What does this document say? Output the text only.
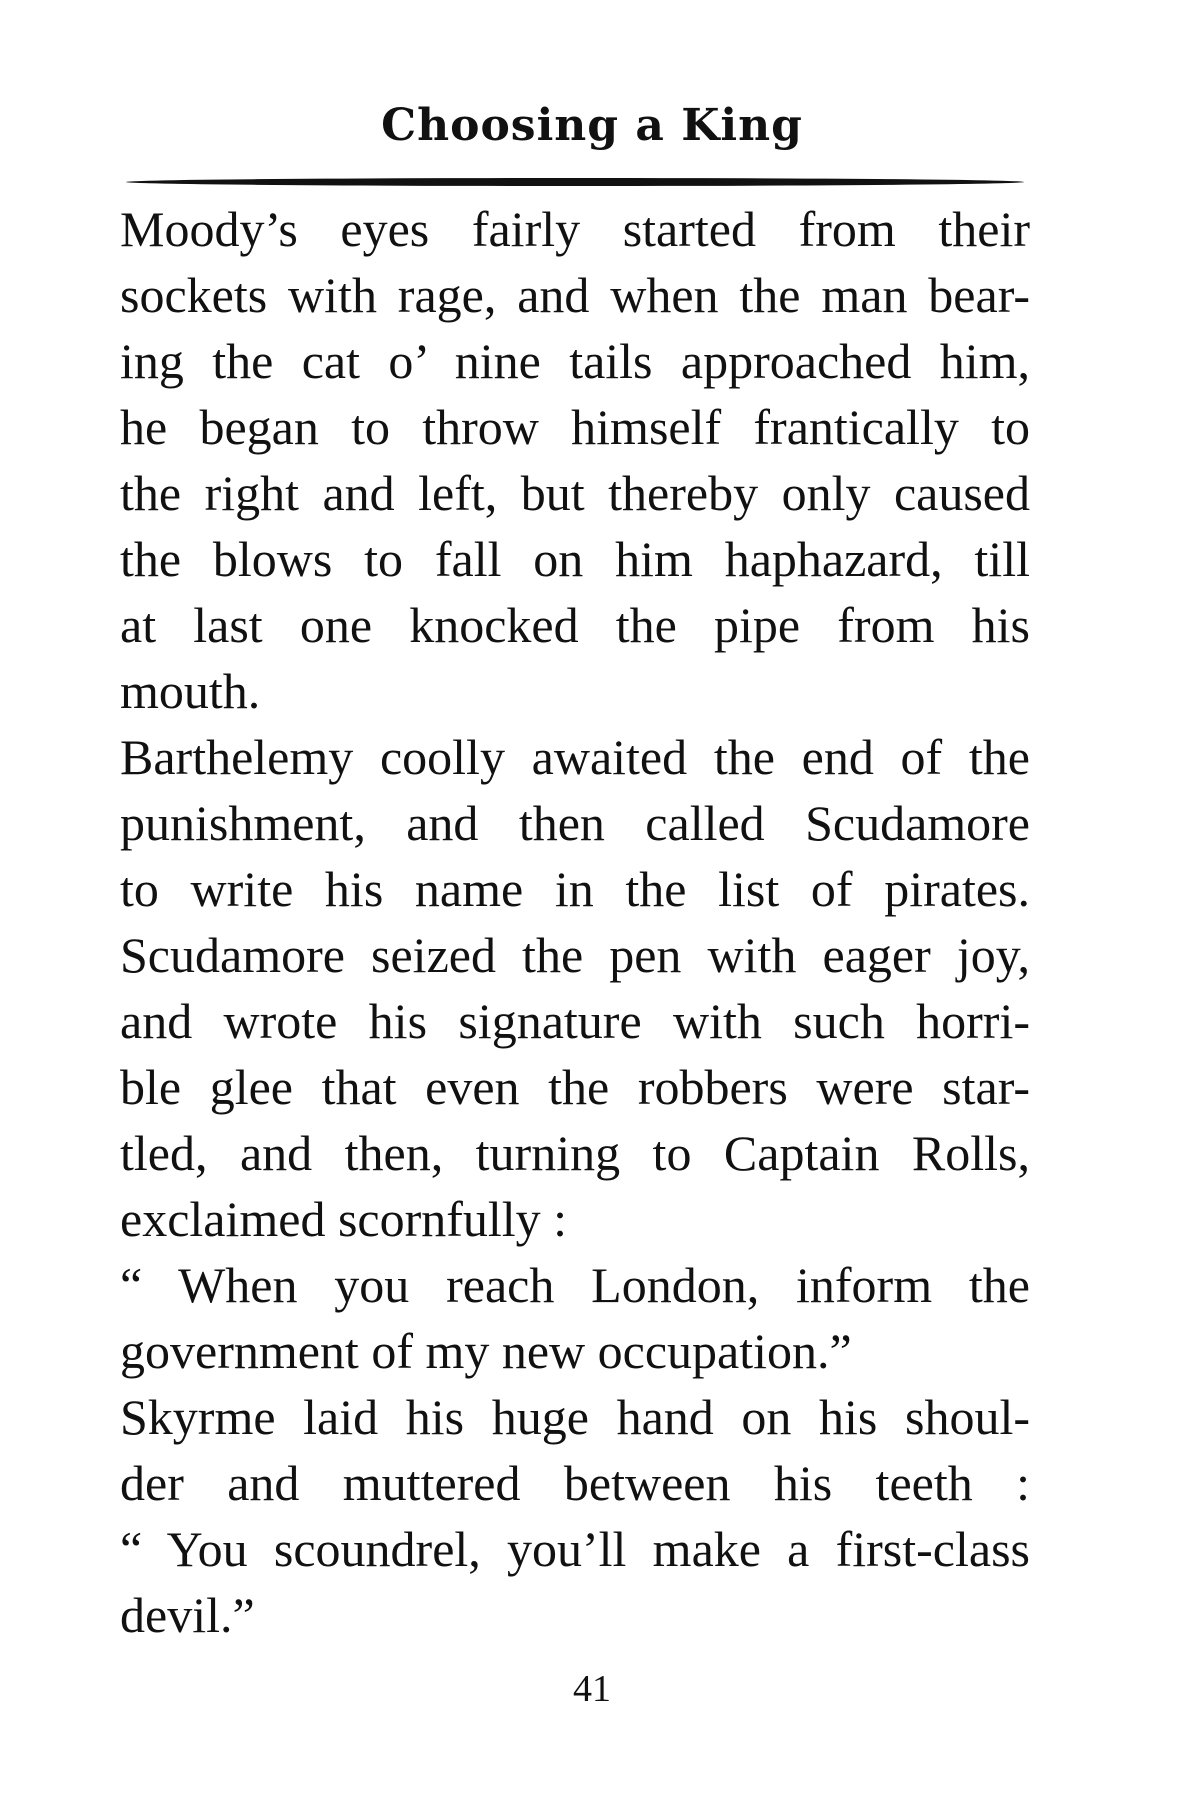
Choosing a King
Moody’s eyes fairly started from their
sockets with rage, and when the man bear-
ing the cat o’ nine tails approached him,
he began to throw himself frantically to
the right and left, but thereby only caused
the blows to fall on him haphazard, till
at last one knocked the pipe from his
mouth.
Barthelemy coolly awaited the end of the
punishment, and then called Scudamore
to write his name in the list of pirates.
Scudamore seized the pen with eager joy,
and wrote his signature with such horri-
ble glee that even the robbers were star-
tled, and then, turning to Captain Rolls,
exclaimed scornfully :
“ When you reach London, inform the
government of my new occupation.”
Skyrme laid his huge hand on his shoul-
der and muttered between his teeth :
“ You scoundrel, you’ll make a first-class
devil.”
41
